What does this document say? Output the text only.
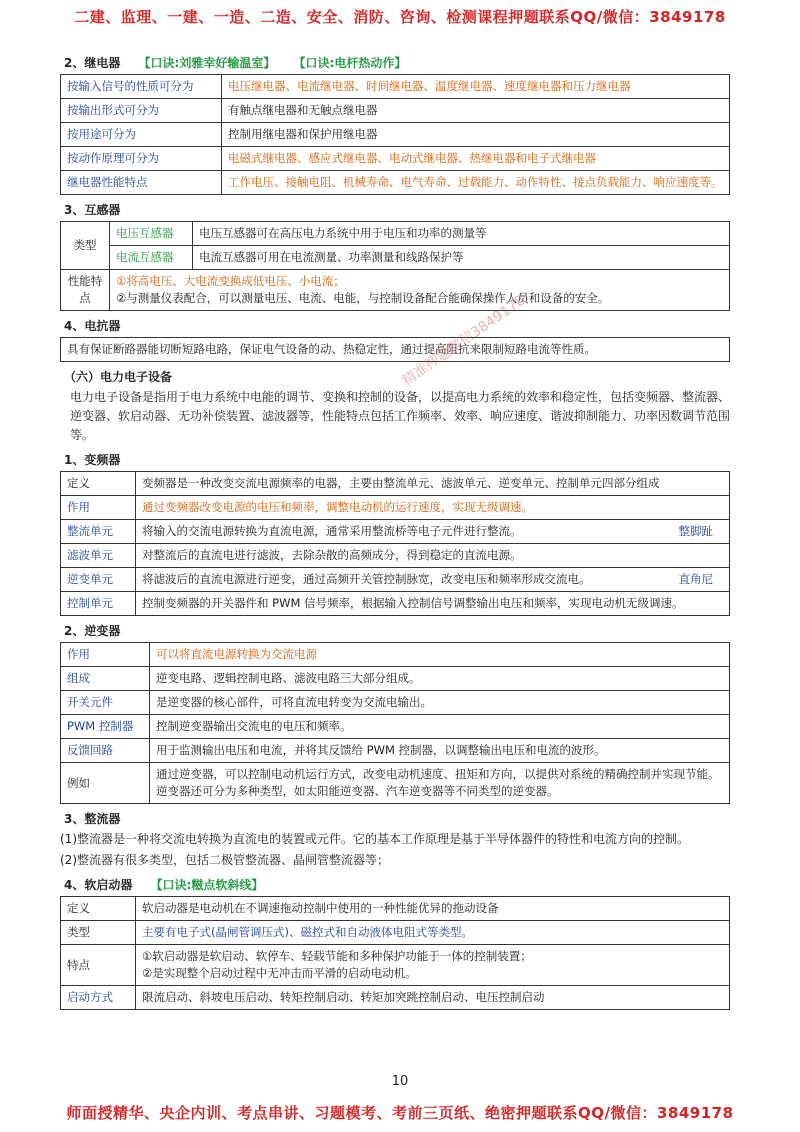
二建、监理、一建、一造、二造、安全、消防、咨询、检测课程押题联系QQ/微信：3849178
2、继电器 【口诀:刘雅幸好输温室】 【口诀:电杆热动作】
按输入信号的性质可分为	电压继电器、电流继电器、时间继电器、温度继电器、速度继电器和压力继电器
按输出形式可分为	有触点继电器和无触点继电器
按用途可分为	控制用继电器和保护用继电器
按动作原理可分为	电磁式继电器、感应式继电器、电动式继电器、热继电器和电子式继电器
继电器性能特点	工作电压、接触电阻、机械寿命、电气寿命、过载能力、动作特性、接点负载能力、响应速度等。
3、互感器
类型	电压互感器	电压互感器可在高压电力系统中用于电压和功率的测量等
	电流互感器	电流互感器可用在电流测量、功率测量和线路保护等
性能特点	①将高电压、大电流变换成低电压、小电流；
②与测量仪表配合，可以测量电压、电流、电能，与控制设备配合能确保操作人员和设备的安全。	
4、电抗器
具有保证断路器能切断短路电路，保证电气设备的动、热稳定性，通过提高阻抗来限制短路电流等性质。
（六）电力电子设备
电力电子设备是指用于电力系统中电能的调节、变换和控制的设备，以提高电力系统的效率和稳定性，包括变频器、整流器、逆变器、软启动器、无功补偿装置、滤波器等，性能特点包括工作频率、效率、响应速度、谐波抑制能力、功率因数调节范围等。
1、变频器
定义	变频器是一种改变交流电源频率的电器，主要由整流单元、滤波单元、逆变单元、控制单元四部分组成
作用	通过变频器改变电源的电压和频率，调整电动机的运行速度，实现无级调速。
整流单元	将输入的交流电源转换为直流电源，通常采用整流桥等电子元件进行整流。 整脚趾

滤波单元	对整流后的直流电进行滤波，去除杂散的高频成分，得到稳定的直流电源。
逆变单元	将滤波后的直流电源进行逆变，通过高频开关管控制脉宽，改变电压和频率形成交流电。 直角尼

控制单元	控制变频器的开关器件和 PWM 信号频率，根据输入控制信号调整输出电压和频率，实现电动机无级调速。
2、逆变器
作用	可以将直流电源转换为交流电源
组成	逆变电路、逻辑控制电路、滤波电路三大部分组成。
开关元件	是逆变器的核心部件，可将直流电转变为交流电输出。
PWM 控制器	控制逆变器输出交流电的电压和频率。
反馈回路	用于监测输出电压和电流，并将其反馈给 PWM 控制器，以调整输出电压和电流的波形。
例如	通过逆变器，可以控制电动机运行方式，改变电动机速度、扭矩和方向，以提供对系统的精确控制并实现节能。逆变器还可分为多种类型，如太阳能逆变器、汽车逆变器等不同类型的逆变器。
3、整流器
(1)整流器是一种将交流电转换为直流电的装置或元件。它的基本工作原理是基于半导体器件的特性和电流方向的控制。
(2)整流器有很多类型，包括二极管整流器、晶闸管整流器等；
4、软启动器 【口诀:糍点软斜线】
定义	软启动器是电动机在不调速拖动控制中使用的一种性能优异的拖动设备
类型	主要有电子式(晶闸管调压式)、磁控式和自动液体电阻式等类型。
特点	①软启动器是软启动、软停车、轻载节能和多种保护功能于一体的控制装置；
②是实现整个启动过程中无冲击而平滑的启动电动机。

启动方式	限流启动、斜坡电压启动、转矩控制启动、转矩加突跳控制启动、电压控制启动
精准押题微信3849178
10
师面授精华、央企内训、考点串讲、习题模考、考前三页纸、绝密押题联系QQ/微信：3849178
